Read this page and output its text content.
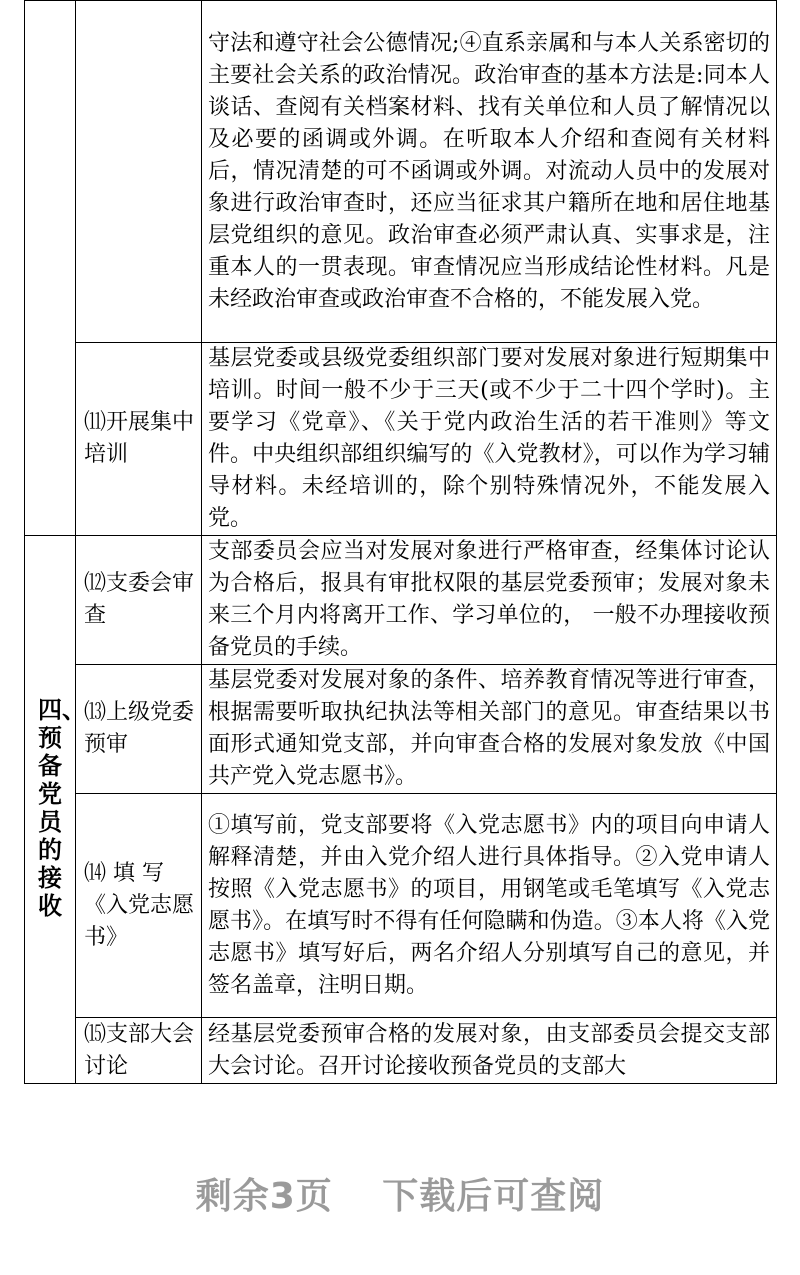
		守法和遵守社会公德情况;④直系亲属和与本人关系密切的主要社会关系的政治情况。政治审查的基本方法是:同本人谈话、查阅有关档案材料、找有关单位和人员了解情况以及必要的函调或外调。在听取本人介绍和查阅有关材料后，情况清楚的可不函调或外调。对流动人员中的发展对象进行政治审查时，还应当征求其户籍所在地和居住地基层党组织的意见。政治审查必须严肃认真、实事求是，注重本人的一贯表现。审查情况应当形成结论性材料。凡是未经政治审查或政治审查不合格的，不能发展入党。

	⑾开展集中培训	基层党委或县级党委组织部门要对发展对象进行短期集中培训。时间一般不少于三天(或不少于二十四个学时)。主要学习《党章》、《关于党内政治生活的若干准则》等文件。中央组织部组织编写的《入党教材》，可以作为学习辅导材料。未经培训的，除个别特殊情况外，不能发展入党。

四、预备党员的接收	⑿支委会审查	支部委员会应当对发展对象进行严格审查，经集体讨论认为合格后，报具有审批权限的基层党委预审；发展对象未来三个月内将离开工作、学习单位的， 一般不办理接收预备党员的手续。

	⒀上级党委预审	基层党委对发展对象的条件、培养教育情况等进行审查，根据需要听取执纪执法等相关部门的意见。审查结果以书面形式通知党支部，并向审查合格的发展对象发放《中国共产党入党志愿书》。

	⒁ 填 写《入党志愿书》	①填写前，党支部要将《入党志愿书》内的项目向申请人解释清楚，并由入党介绍人进行具体指导。②入党申请人按照《入党志愿书》的项目，用钢笔或毛笔填写《入党志愿书》。在填写时不得有任何隐瞒和伪造。③本人将《入党志愿书》填写好后，两名介绍人分别填写自己的意见，并签名盖章，注明日期。

	⒂支部大会讨论	经基层党委预审合格的发展对象，由支部委员会提交支部大会讨论。召开讨论接收预备党员的支部大
剩余3页 下载后可查阅
